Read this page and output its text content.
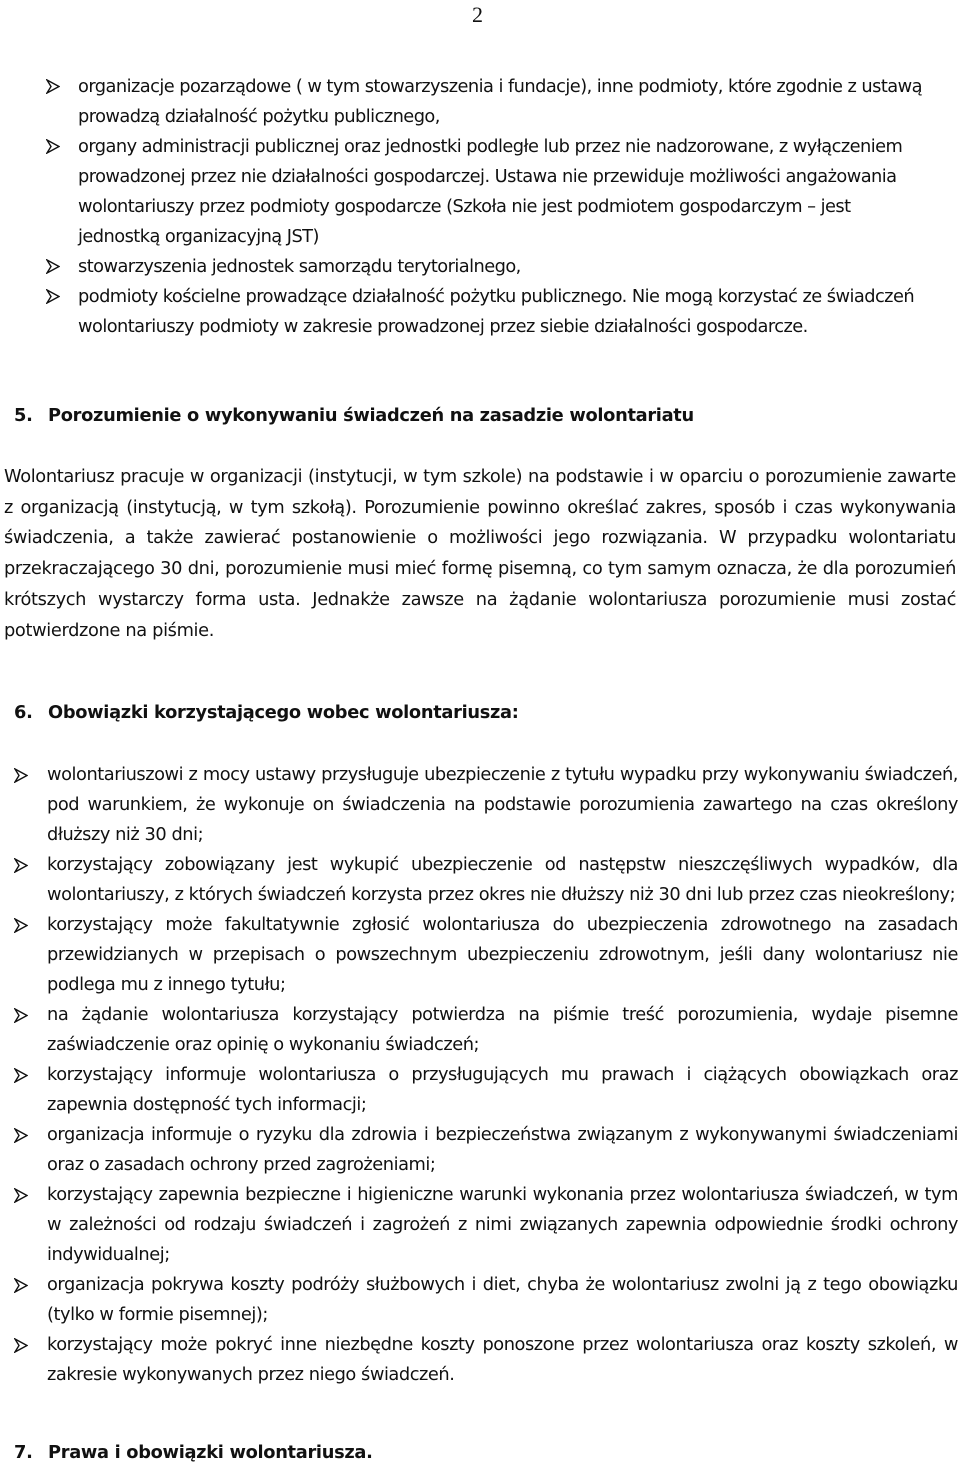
2
organizacje pozarządowe ( w tym stowarzyszenia i fundacje), inne podmioty, które zgodnie z ustawą prowadzą działalność pożytku publicznego,
organy administracji publicznej oraz jednostki podległe lub przez nie nadzorowane, z wyłączeniem prowadzonej przez nie działalności gospodarczej. Ustawa nie przewiduje możliwości angażowania wolontariuszy przez podmioty gospodarcze (Szkoła nie jest podmiotem gospodarczym – jest jednostką organizacyjną JST)
stowarzyszenia jednostek samorządu terytorialnego,
podmioty kościelne prowadzące działalność pożytku publicznego. Nie mogą korzystać ze świadczeń wolontariuszy podmioty w zakresie prowadzonej przez siebie działalności gospodarcze.
5. Porozumienie o wykonywaniu świadczeń na zasadzie wolontariatu

Wolontariusz pracuje w organizacji (instytucji, w tym szkole) na podstawie i w oparciu o porozumienie zawarte z organizacją (instytucją, w tym szkołą). Porozumienie powinno określać zakres, sposób i czas wykonywania świadczenia, a także zawierać postanowienie o możliwości jego rozwiązania. W przypadku wolontariatu przekraczającego 30 dni, porozumienie musi mieć formę pisemną, co tym samym oznacza, że dla porozumień krótszych wystarczy forma usta. Jednakże zawsze na żądanie wolontariusza porozumienie musi zostać potwierdzone na piśmie.

6. Obowiązki korzystającego wobec wolontariusza:
wolontariuszowi z mocy ustawy przysługuje ubezpieczenie z tytułu wypadku przy wykonywaniu świadczeń, pod warunkiem, że wykonuje on świadczenia na podstawie porozumienia zawartego na czas określony dłuższy niż 30 dni;
korzystający zobowiązany jest wykupić ubezpieczenie od następstw nieszczęśliwych wypadków, dla wolontariuszy, z których świadczeń korzysta przez okres nie dłuższy niż 30 dni lub przez czas nieokreślony;
korzystający może fakultatywnie zgłosić wolontariusza do ubezpieczenia zdrowotnego na zasadach przewidzianych w przepisach o powszechnym ubezpieczeniu zdrowotnym, jeśli dany wolontariusz nie podlega mu z innego tytułu;
na żądanie wolontariusza korzystający potwierdza na piśmie treść porozumienia, wydaje pisemne zaświadczenie oraz opinię o wykonaniu świadczeń;
korzystający informuje wolontariusza o przysługujących mu prawach i ciążących obowiązkach oraz zapewnia dostępność tych informacji;
organizacja informuje o ryzyku dla zdrowia i bezpieczeństwa związanym z wykonywanymi świadczeniami oraz o zasadach ochrony przed zagrożeniami;
korzystający zapewnia bezpieczne i higieniczne warunki wykonania przez wolontariusza świadczeń, w tym w zależności od rodzaju świadczeń i zagrożeń z nimi związanych zapewnia odpowiednie środki ochrony indywidualnej;
organizacja pokrywa koszty podróży służbowych i diet, chyba że wolontariusz zwolni ją z tego obowiązku (tylko w formie pisemnej);
korzystający może pokryć inne niezbędne koszty ponoszone przez wolontariusza oraz koszty szkoleń, w zakresie wykonywanych przez niego świadczeń.
7. Prawa i obowiązki wolontariusza.
